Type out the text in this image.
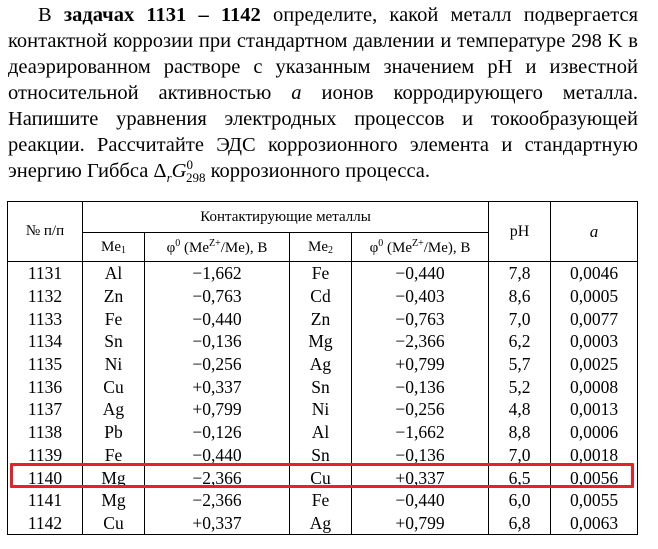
В задачах 1131 – 1142 определите, какой металл подвергается контактной коррозии при стандартном давлении и температуре 298 K в деаэрированном растворе с указанным значением pH и известной относительной активностью a ионов корродирующего металла. Напишите уравнения электродных процессов и токообразующей реакции. Рассчитайте ЭДС коррозионного элемента и стандартную энергию Гиббса $\Delta_rG^0_{298}$ коррозионного процесса.
№ п/п	Контактирующие металлы				pH	a
	$Me_1$	$\varphi^0$ $(Me^{Z+}/Me)$, В	$Me_2$	$\varphi^0$ $(Me^{Z+}/Me)$, В		
1131	Al	−1,662	Fe	−0,440	7,8	0,0046
1132	Zn	−0,763	Cd	−0,403	8,6	0,0005
1133	Fe	−0,440	Zn	−0,763	7,0	0,0077
1134	Sn	−0,136	Mg	−2,366	6,2	0,0003
1135	Ni	−0,256	Ag	+0,799	5,7	0,0025
1136	Cu	+0,337	Sn	−0,136	5,2	0,0008
1137	Ag	+0,799	Ni	−0,256	4,8	0,0013
1138	Pb	−0,126	Al	−1,662	8,8	0,0006
1139	Fe	−0,440	Sn	−0,136	7,0	0,0018
1140	Mg	−2,366	Cu	+0,337	6,5	0,0056
1141	Mg	−2,366	Fe	−0,440	6,0	0,0055
1142	Cu	+0,337	Ag	+0,799	6,8	0,0063
